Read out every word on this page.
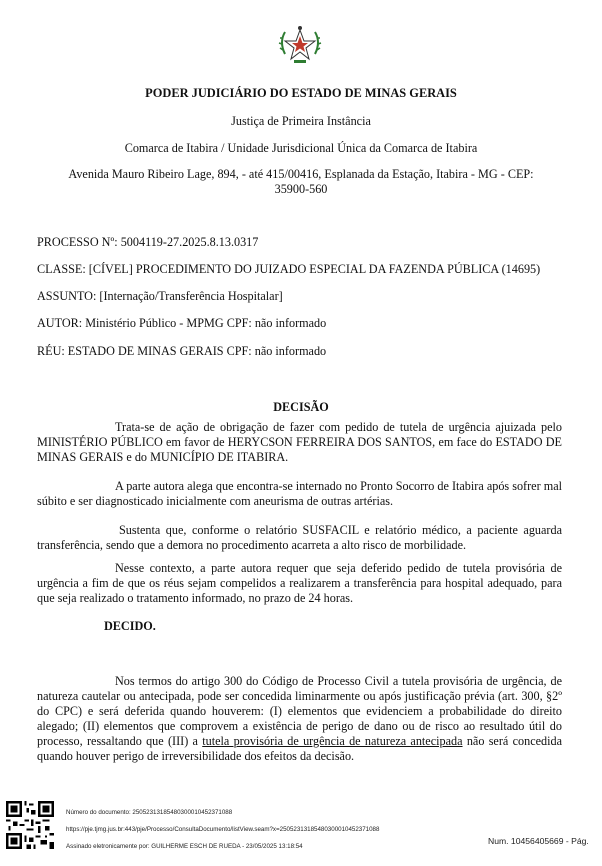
PODER JUDICIÁRIO DO ESTADO DE MINAS GERAIS
Justiça de Primeira Instância
Comarca de Itabira / Unidade Jurisdicional Única da Comarca de Itabira
Avenida Mauro Ribeiro Lage, 894, - até 415/00416, Esplanada da Estação, Itabira - MG - CEP: 35900-560
PROCESSO Nº: 5004119-27.2025.8.13.0317
CLASSE: [CÍVEL] PROCEDIMENTO DO JUIZADO ESPECIAL DA FAZENDA PÚBLICA (14695)
ASSUNTO: [Internação/Transferência Hospitalar]
AUTOR: Ministério Público - MPMG CPF: não informado
RÉU: ESTADO DE MINAS GERAIS CPF: não informado
DECISÃO
Trata-se de ação de obrigação de fazer com pedido de tutela de urgência ajuizada pelo MINISTÉRIO PÚBLICO em favor de HERYCSON FERREIRA DOS SANTOS, em face do ESTADO DE MINAS GERAIS e do MUNICÍPIO DE ITABIRA.
A parte autora alega que encontra-se internado no Pronto Socorro de Itabira após sofrer mal súbito e ser diagnosticado inicialmente com aneurisma de outras artérias.
Sustenta que, conforme o relatório SUSFACIL e relatório médico, a paciente aguarda transferência, sendo que a demora no procedimento acarreta a alto risco de morbilidade.
Nesse contexto, a parte autora requer que seja deferido pedido de tutela provisória de urgência a fim de que os réus sejam compelidos a realizarem a transferência para hospital adequado, para que seja realizado o tratamento informado, no prazo de 24 horas.
DECIDO.
Nos termos do artigo 300 do Código de Processo Civil a tutela provisória de urgência, de natureza cautelar ou antecipada, pode ser concedida liminarmente ou após justificação prévia (art. 300, §2º do CPC) e será deferida quando houverem: (I) elementos que evidenciem a probabilidade do direito alegado; (II) elementos que comprovem a existência de perigo de dano ou de risco ao resultado útil do processo, ressaltando que (III) a tutela provisória de urgência de natureza antecipada não será concedida quando houver perigo de irreversibilidade dos efeitos da decisão.
Número do documento: 25052313185480300010452371088
https://pje.tjmg.jus.br:443/pje/Processo/ConsultaDocumento/listView.seam?x=25052313185480300010452371088
Assinado eletronicamente por: GUILHERME ESCH DE RUEDA - 23/05/2025 13:18:54
Num. 10456405669 - Pág.
